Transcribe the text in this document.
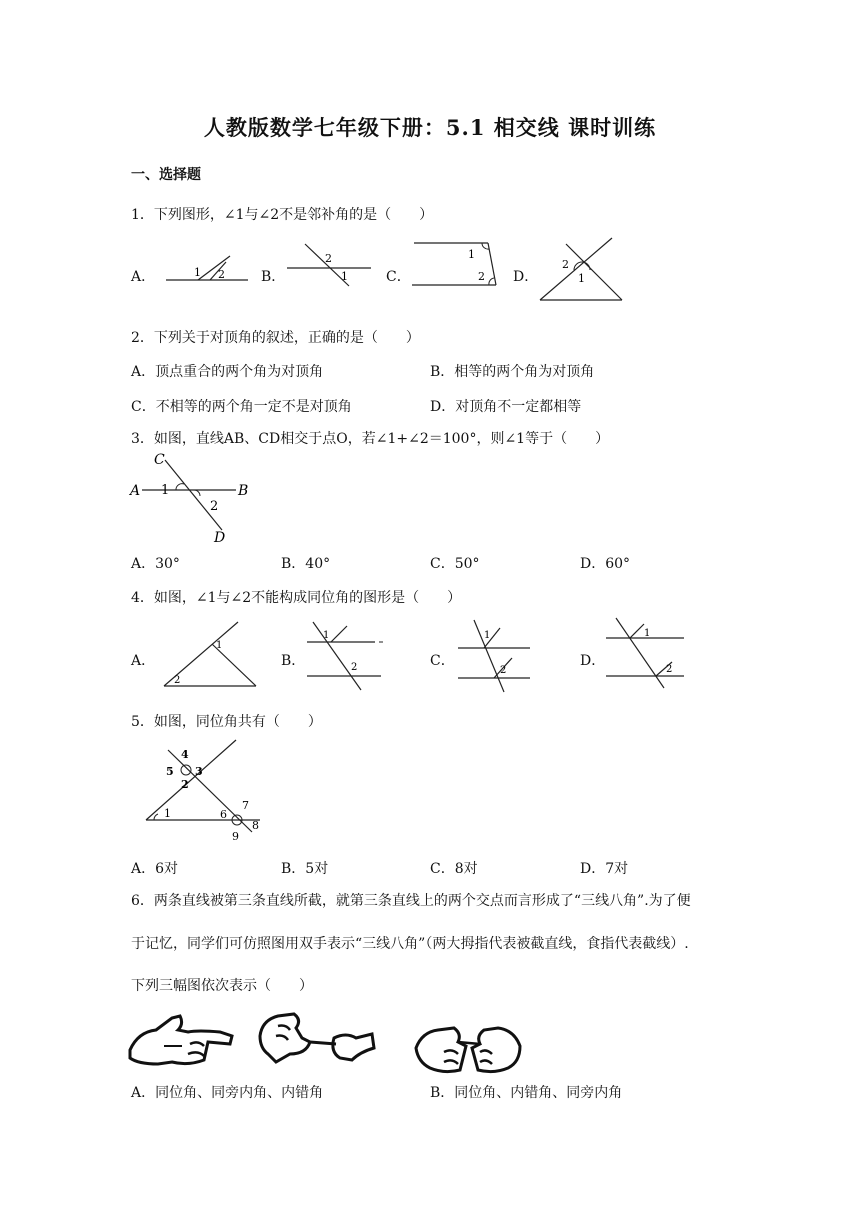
人教版数学七年级下册：5.1 相交线 课时训练
一、选择题
1．下列图形，∠1与∠2不是邻补角的是（　　）
A．	1 2	B．
2
1	C．
1
2 D．
2
1
2．下列关于对顶角的叙述，正确的是（　　）
A．顶点重合的两个角为对顶角	B．相等的两个角为对顶角
C．不相等的两个角一定不是对顶角	D．对顶角不一定都相等
3．如图，直线AB、CD相交于点O，若∠1+∠2＝100°，则∠1等于（　　）
C
A 1	B
2
D
A．30°	B．40°	C．50°	D．60°
4．如图，∠1与∠2不能构成同位角的图形是（　　）
A．
1
2
B．
1
2	C．
1
2
D．
1
2
5．如图，同位角共有（　　）
1
2
3
4
5
6
7
8
9
A．6对	B．5对	C．8对	D．7对
6．两条直线被第三条直线所截，就第三条直线上的两个交点而言形成了“三线八角”.为了便
于记忆，同学们可仿照图用双手表示“三线八角”（两大拇指代表被截直线，食指代表截线）.
下列三幅图依次表示（　　）
A．同位角、同旁内角、内错角	B．同位角、内错角、同旁内角
